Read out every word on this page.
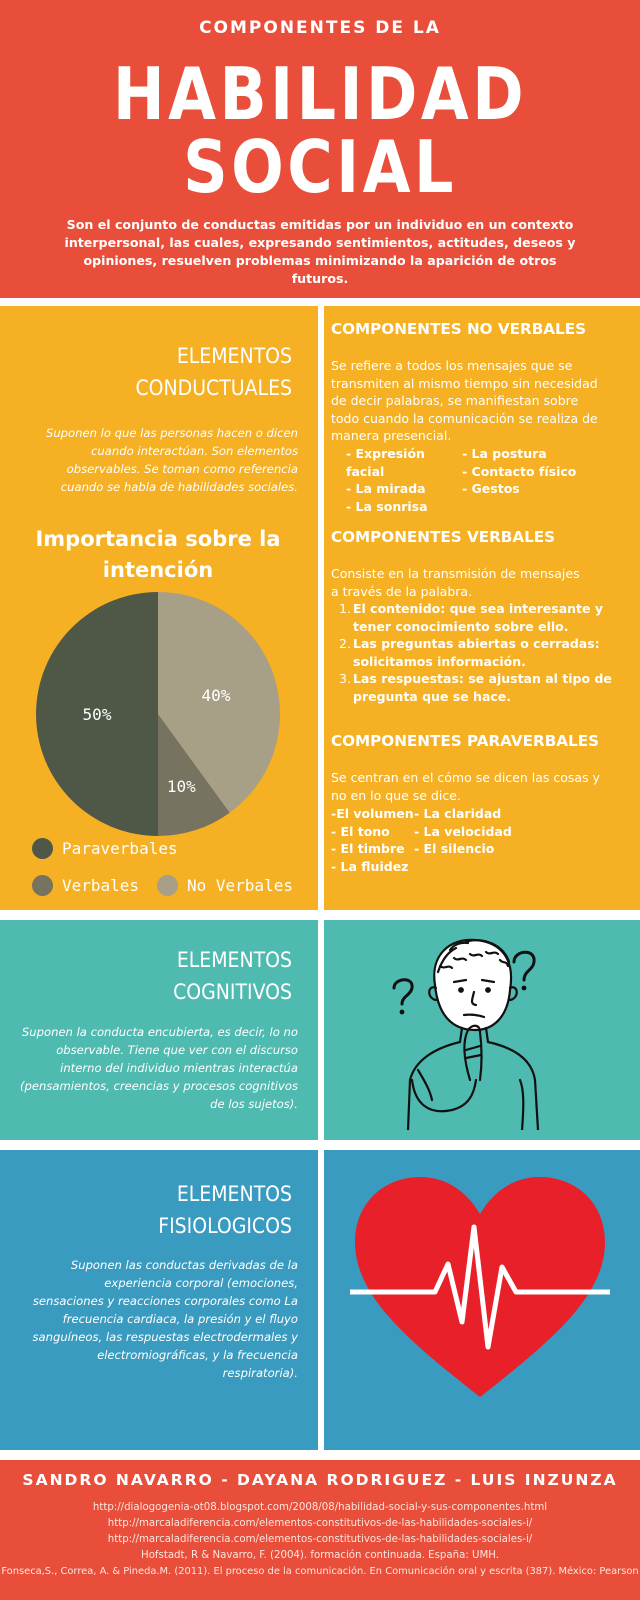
COMPONENTES DE LA
HABILIDAD
SOCIAL
Son el conjunto de conductas emitidas por un individuo en un contexto interpersonal, las cuales, expresando sentimientos, actitudes, deseos y opiniones, resuelven problemas minimizando la aparición de otros futuros.
ELEMENTOS
CONDUCTUALES
Suponen lo que las personas hacen o dicen cuando interactúan. Son elementos observables. Se toman como referencia cuando se habla de habilidades sociales.
Importancia sobre la intención
40%
10%
50%
Paraverbales
Verbales	No Verbales
COMPONENTES NO VERBALES
Se refiere a todos los mensajes que se transmiten al mismo tiempo sin necesidad de decir palabras, se manifiestan sobre todo cuando la comunicación se realiza de manera presencial.
- Expresión facial
- La mirada
- La sonrisa
- La postura
- Contacto físico
- Gestos
COMPONENTES VERBALES
Consiste en la transmisión de mensajes a través de la palabra.
1. El contenido: que sea interesante y
tener conocimiento sobre ello.
2. Las preguntas abiertas o cerradas:
solicitamos información.
3. Las respuestas: se ajustan al tipo de
pregunta que se hace.
COMPONENTES PARAVERBALES
Se centran en el cómo se dicen las cosas y no en lo que se dice.
-El volumen
- El tono
- El timbre
- La fluidez
- La claridad
- La velocidad
- El silencio
ELEMENTOS
COGNITIVOS
Suponen la conducta encubierta, es decir, lo no observable. Tiene que ver con el discurso interno del individuo mientras interactúa (pensamientos, creencias y procesos cognitivos de los sujetos).
ELEMENTOS
FISIOLOGICOS
Suponen las conductas derivadas de la experiencia corporal (emociones, sensaciones y reacciones corporales como La frecuencia cardiaca, la presión y el fluyo sanguíneos, las respuestas electrodermales y electromiográficas, y la frecuencia respiratoria).
SANDRO NAVARRO - DAYANA RODRIGUEZ - LUIS INZUNZA
http://dialogogenia-ot08.blogspot.com/2008/08/habilidad-social-y-sus-componentes.html
http://marcaladiferencia.com/elementos-constitutivos-de-las-habilidades-sociales-i/
http://marcaladiferencia.com/elementos-constitutivos-de-las-habilidades-sociales-i/
Hofstadt, R & Navarro, F. (2004). formación continuada. España: UMH.
Fonseca,S., Correa, A. & Pineda.M. (2011). El proceso de la comunicación. En Comunicación oral y escrita (387). México: Pearson
